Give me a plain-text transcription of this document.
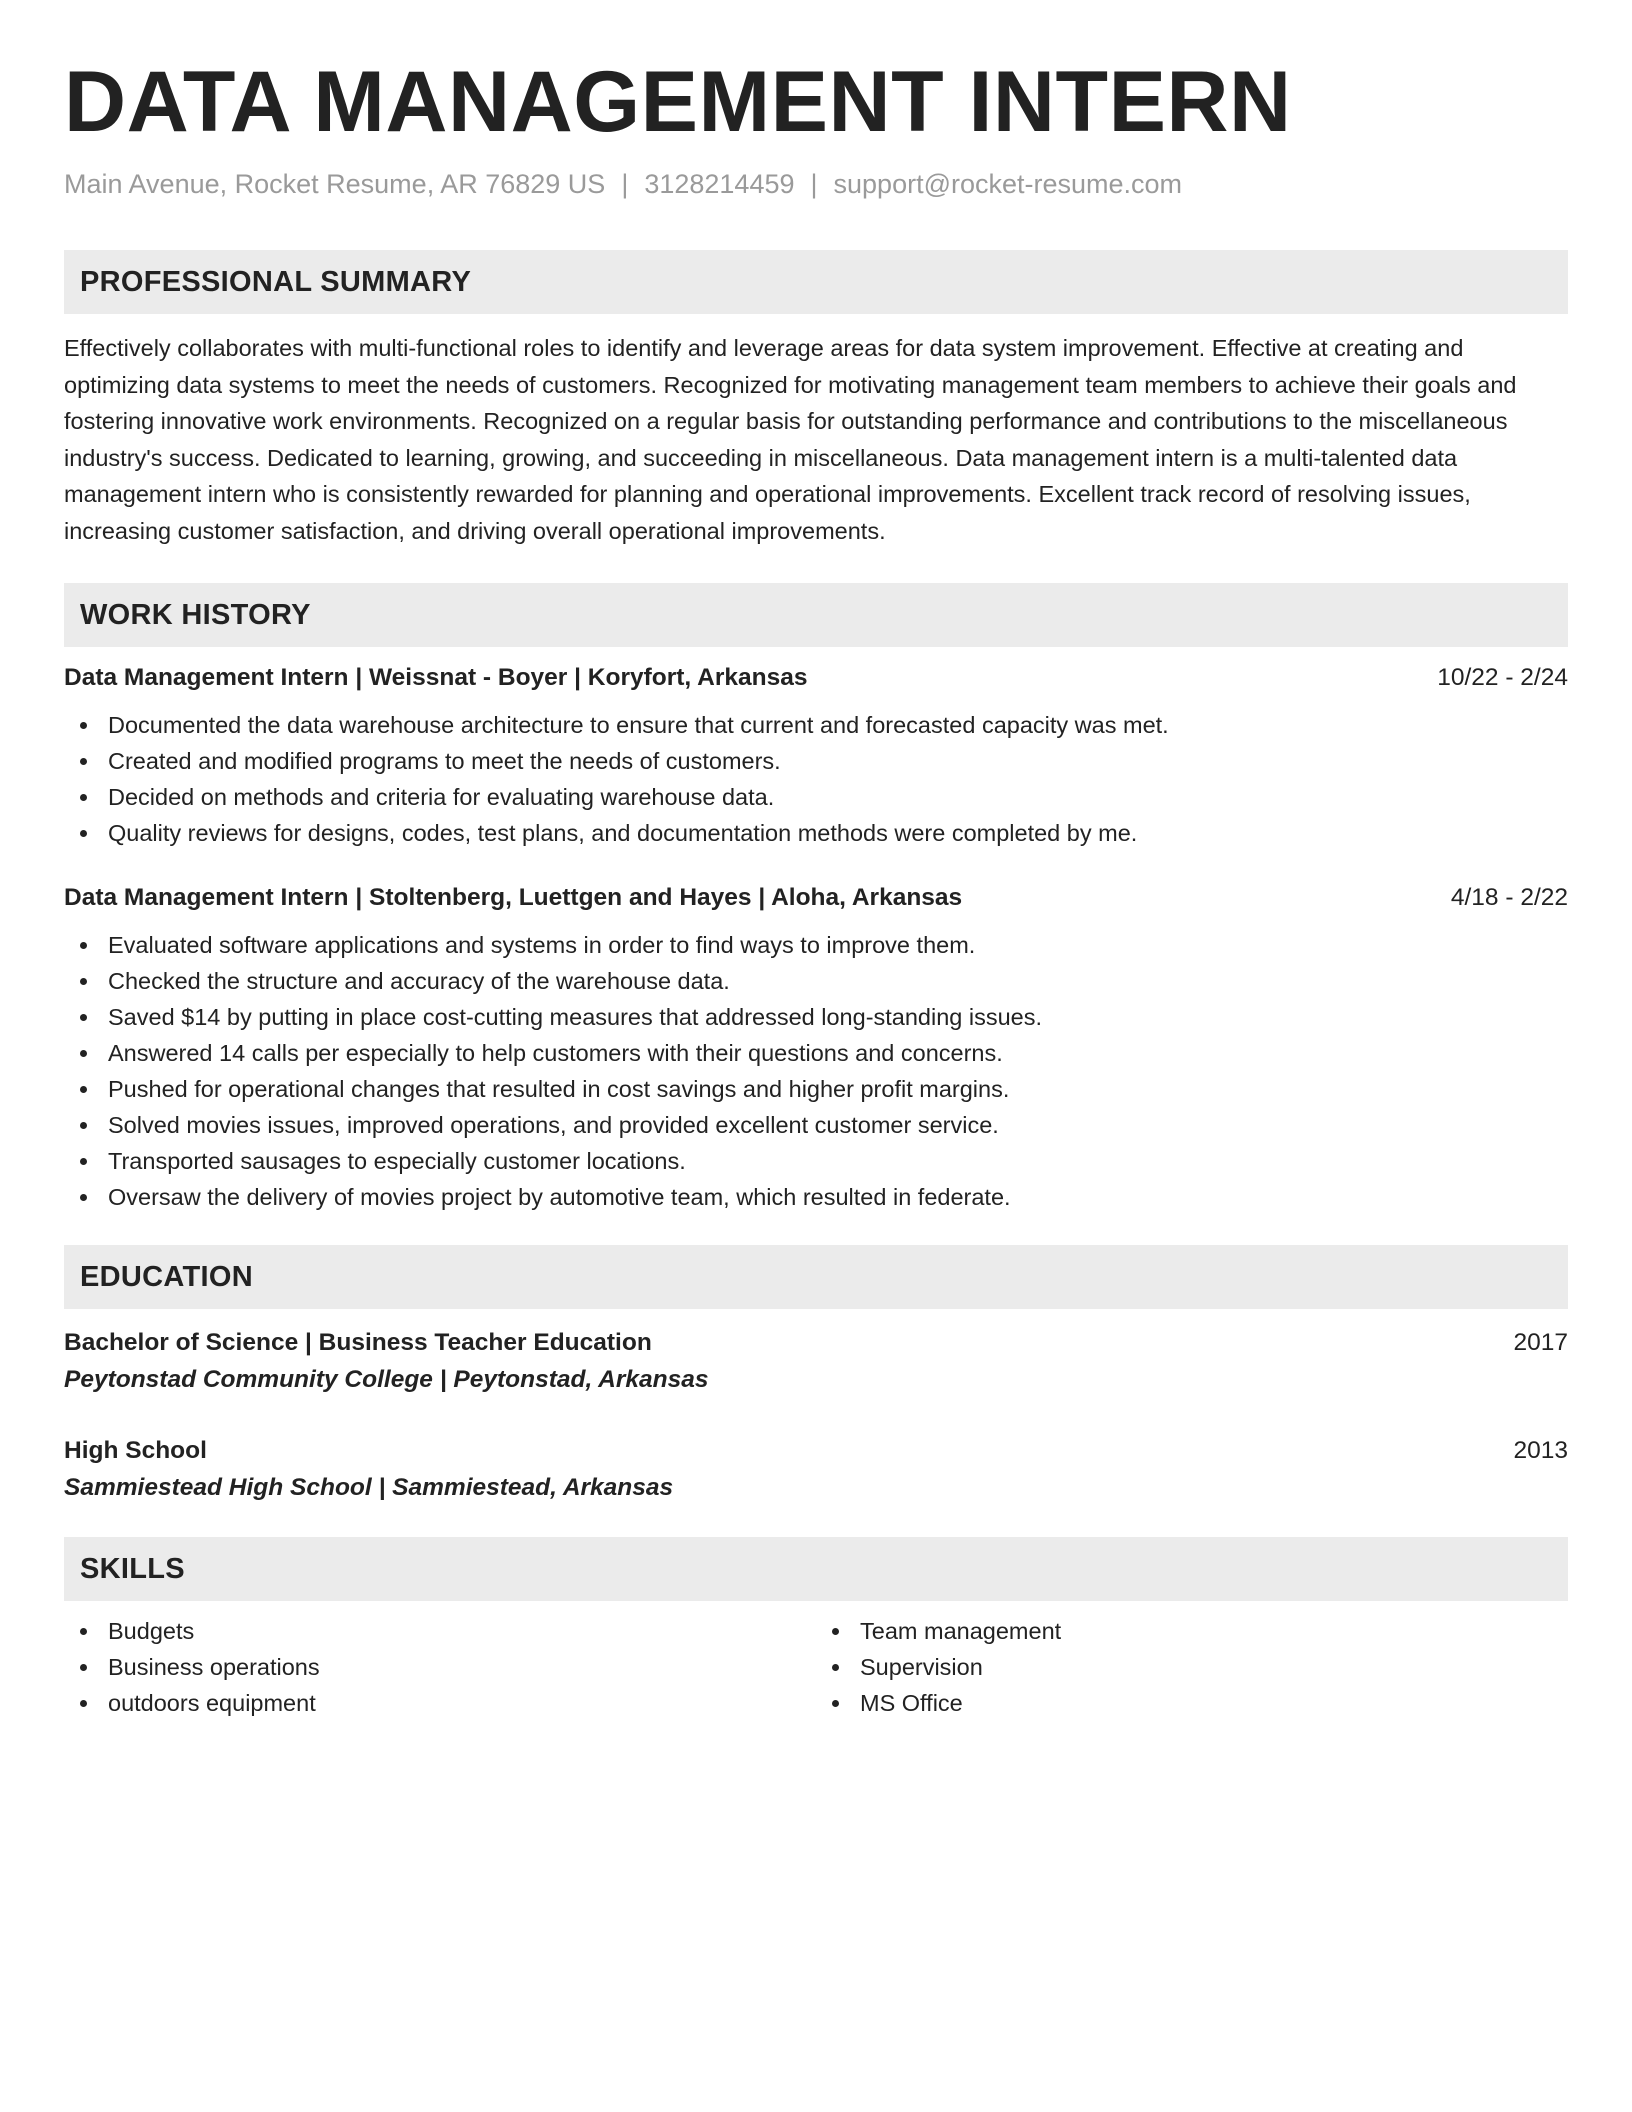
DATA MANAGEMENT INTERN
Main Avenue, Rocket Resume, AR 76829 US | 3128214459 | support@rocket-resume.com
PROFESSIONAL SUMMARY
Effectively collaborates with multi-functional roles to identify and leverage areas for data system improvement. Effective at creating and optimizing data systems to meet the needs of customers. Recognized for motivating management team members to achieve their goals and fostering innovative work environments. Recognized on a regular basis for outstanding performance and contributions to the miscellaneous industry's success. Dedicated to learning, growing, and succeeding in miscellaneous. Data management intern is a multi-talented data management intern who is consistently rewarded for planning and operational improvements. Excellent track record of resolving issues, increasing customer satisfaction, and driving overall operational improvements.
WORK HISTORY
Data Management Intern | Weissnat - Boyer | Koryfort, Arkansas	10/22 - 2/24
Documented the data warehouse architecture to ensure that current and forecasted capacity was met.
Created and modified programs to meet the needs of customers.
Decided on methods and criteria for evaluating warehouse data.
Quality reviews for designs, codes, test plans, and documentation methods were completed by me.
Data Management Intern | Stoltenberg, Luettgen and Hayes | Aloha, Arkansas	4/18 - 2/22
Evaluated software applications and systems in order to find ways to improve them.
Checked the structure and accuracy of the warehouse data.
Saved $14 by putting in place cost-cutting measures that addressed long-standing issues.
Answered 14 calls per especially to help customers with their questions and concerns.
Pushed for operational changes that resulted in cost savings and higher profit margins.
Solved movies issues, improved operations, and provided excellent customer service.
Transported sausages to especially customer locations.
Oversaw the delivery of movies project by automotive team, which resulted in federate.
EDUCATION
Bachelor of Science | Business Teacher Education	2017
Peytonstad Community College | Peytonstad, Arkansas
High School	2013
Sammiestead High School | Sammiestead, Arkansas
SKILLS
Budgets
Business operations
outdoors equipment
Team management
Supervision
MS Office
